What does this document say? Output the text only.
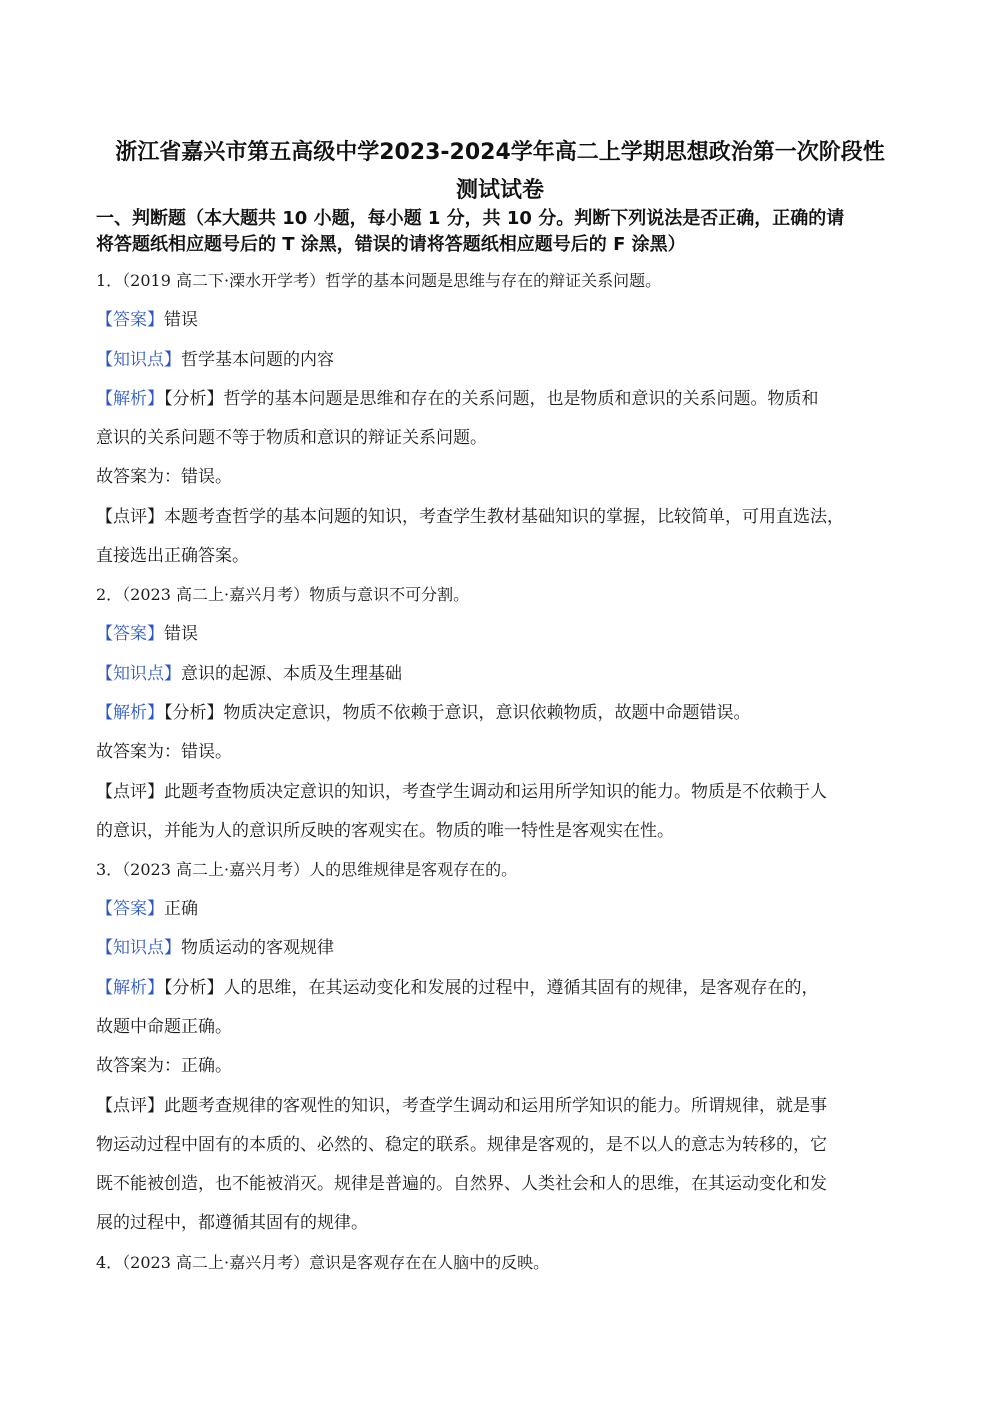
浙江省嘉兴市第五高级中学2023-2024学年高二上学期思想政治第一次阶段性
测试试卷
一、判断题（本大题共 10 小题，每小题 1 分，共 10 分。判断下列说法是否正确，正确的请
将答题纸相应题号后的 T 涂黑，错误的请将答题纸相应题号后的 F 涂黑）
1．（2019 高二下·溧水开学考）哲学的基本问题是思维与存在的辩证关系问题。
【答案】错误
【知识点】哲学基本问题的内容
【解析】【分析】哲学的基本问题是思维和存在的关系问题，也是物质和意识的关系问题。物质和
意识的关系问题不等于物质和意识的辩证关系问题。
故答案为：错误。
【点评】本题考查哲学的基本问题的知识，考查学生教材基础知识的掌握，比较简单，可用直选法，
直接选出正确答案。
2．（2023 高二上·嘉兴月考）物质与意识不可分割。
【答案】错误
【知识点】意识的起源、本质及生理基础
【解析】【分析】物质决定意识，物质不依赖于意识，意识依赖物质，故题中命题错误。
故答案为：错误。
【点评】此题考查物质决定意识的知识，考查学生调动和运用所学知识的能力。物质是不依赖于人
的意识，并能为人的意识所反映的客观实在。物质的唯一特性是客观实在性。
3．（2023 高二上·嘉兴月考）人的思维规律是客观存在的。
【答案】正确
【知识点】物质运动的客观规律
【解析】【分析】人的思维，在其运动变化和发展的过程中，遵循其固有的规律，是客观存在的，
故题中命题正确。
故答案为：正确。
【点评】此题考查规律的客观性的知识，考查学生调动和运用所学知识的能力。所谓规律，就是事
物运动过程中固有的本质的、必然的、稳定的联系。规律是客观的，是不以人的意志为转移的，它
既不能被创造，也不能被消灭。规律是普遍的。自然界、人类社会和人的思维，在其运动变化和发
展的过程中，都遵循其固有的规律。
4．（2023 高二上·嘉兴月考）意识是客观存在在人脑中的反映。
